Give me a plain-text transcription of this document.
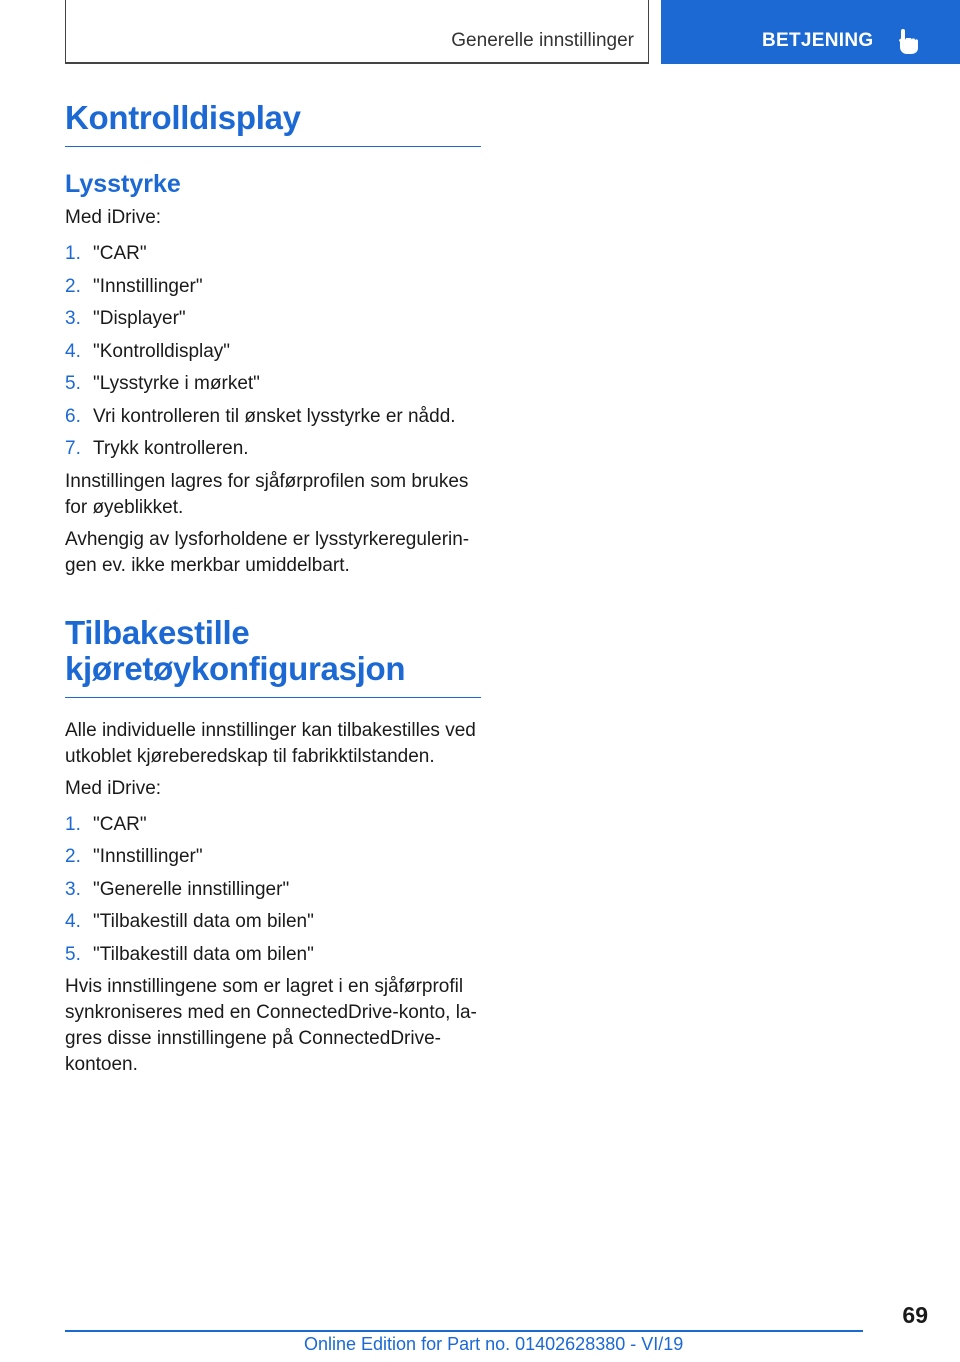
Generelle innstillinger	BETJENING
Kontrolldisplay
Lysstyrke

Med iDrive:

1. "CAR"
2. "Innstillinger"
3. "Displayer"
4. "Kontrolldisplay"
5. "Lysstyrke i mørket"
6. Vri kontrolleren til ønsket lysstyrke er nådd.
7. Trykk kontrolleren.

Innstillingen lagres for sjåførprofilen som brukes for øyeblikket.

Avhengig av lysforholdene er lysstyrkeregulerin-gen ev. ikke merkbar umiddelbart.

Tilbakestille kjøretøykonfigurasjon

Alle individuelle innstillinger kan tilbakestilles ved utkoblet kjøreberedskap til fabrikktilstanden.

Med iDrive:

1. "CAR"
2. "Innstillinger"
3. "Generelle innstillinger"
4. "Tilbakestill data om bilen"
5. "Tilbakestill data om bilen"

Hvis innstillingene som er lagret i en sjåførprofil synkroniseres med en ConnectedDrive-konto, la-gres disse innstillingene på ConnectedDrive-kontoen.

69
Online Edition for Part no. 01402628380 - VI/19
